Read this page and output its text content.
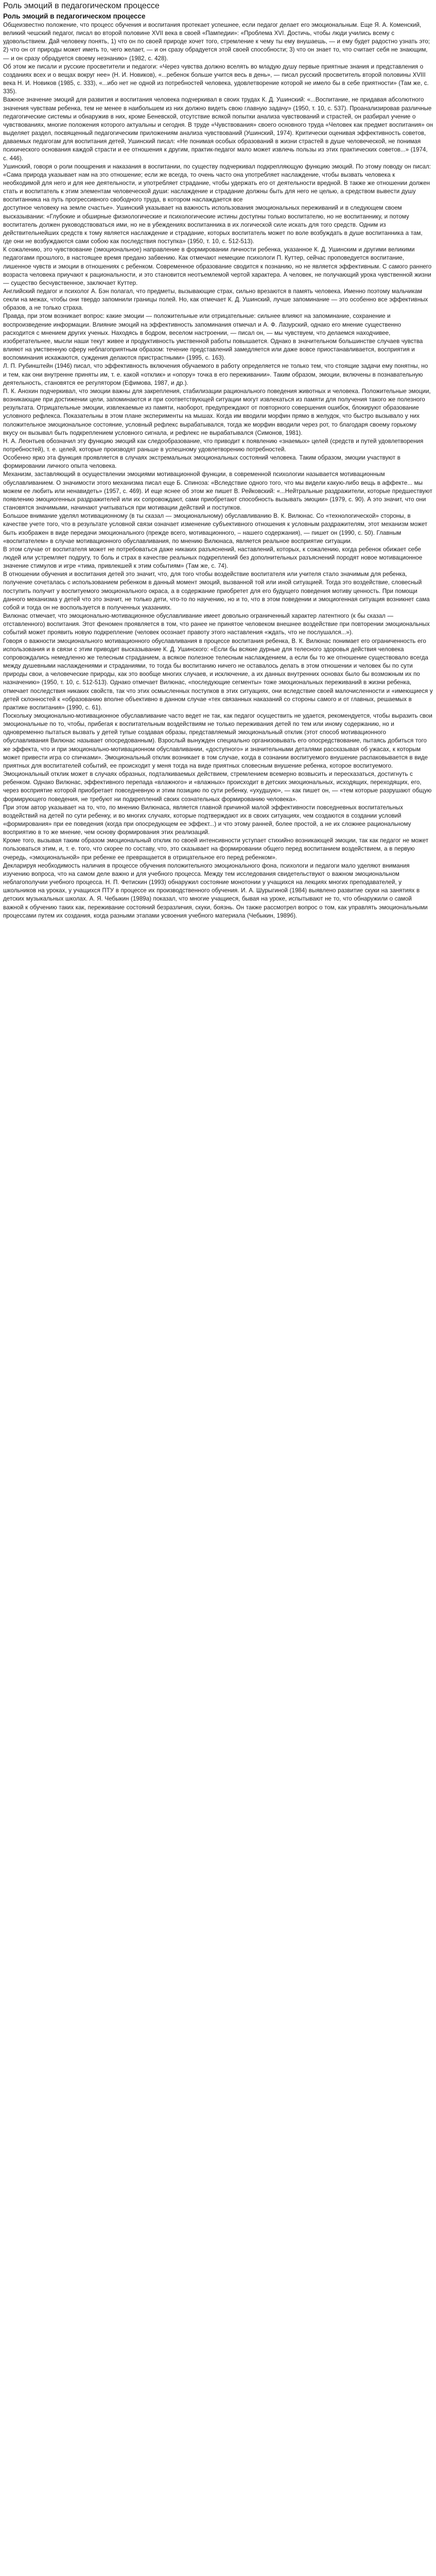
Роль эмоций в педагогическом процессе
Роль эмоций в педагогическом процессе

Общеизвестно положение, что процесс обучения и воспитания протекает успешнее, если педагог делает его эмоциональным. Еще Я. А. Коменский, великий чешский педагог, писал во второй половине XVII века в своей «Пампедии»: «Проблема XVI. Достичь, чтобы люди учились всему с удовольствием. Дай человеку понять, 1) что он по своей природе хочет того, стремление к чему ты ему внушаешь, — и ему будет радостно узнать это; 2) что он от природы может иметь то, чего желает, — и он сразу обрадуется этой своей способности; 3) что он знает то, что считает себя не знающим, — и он сразу обрадуется своему незнанию» (1982, с. 428).

Об этом же писали и русские просветители и педагоги: «Через чувства должно вселять во младую душу первые приятные знания и представления о созданиях всех и о вещах вокруг нее» (Н. И. Новиков), «...ребенок больше учится весь в день», — писал русский просветитель второй половины XVIII века Н. И. Новиков (1985, с. 333), «...ибо нет не одной из потребностей человека, удовлетворение которой не имело бы в себе приятности» (Там же, с. 335).

Важное значение эмоций для развития и воспитания человека подчеркивал в своих трудах К. Д. Ушинский: «...Воспитание, не придавая абсолютного значения чувствам ребенка, тем не менее в наибольшем из них должно видеть свою главную задачу» (1950, т. 10, с. 537). Проанализировав различные педагогические системы и обнаружив в них, кроме Беневской, отсутствие всякой попытки анализа чувствований и страстей, он разбирал учение о чувствованиях, многие положения которого актуальны и сегодня. В труде «Чувствования» своего основного труда «Человек как предмет воспитания» он выделяет раздел, посвященный педагогическим приложениям анализа чувствований (Ушинский, 1974). Критически оценивая эффективность советов, даваемых педагогам для воспитания детей, Ушинский писал: «Не понимая особых образований в жизни страстей в душе человеческой, не понимая психического основания каждой страсти и ее отношения к другим, практик-педагог мало может извлечь пользы из этих практических советов...» (1974, с. 446).

Ушинский, говоря о роли поощрения и наказания в воспитании, по существу подчеркивал подкрепляющую функцию эмоций. По этому поводу он писал: «Сама природа указывает нам на это отношение; если же всегда, то очень часто она употребляет наслаждение, чтобы вызвать человека к необходимой для него и для нее деятельности, и употребляет страдание, чтобы удержать его от деятельности вредной. В также же отношении должен стать и воспитатель к этим элементам человеческой души: наслаждение и страдание должны быть для него не целью, а средством вывести душу воспитанника на путь прогрессивного свободного труда, в котором наслаждается все

доступное человеку на земле счастье». Ушинский указывает на важность использования эмоциональных переживаний и в следующем своем высказывании: «Глубокие и обширные физиологические и психологические истины доступны только воспитателю, но не воспитаннику, и потому воспитатель должен руководствоваться ими, но не в убеждениях воспитанника в их логической силе искать для того средств. Одним из действительнейших средств к тому является наслаждение и страдание, которых воспитатель может по воле возбуждать в душе воспитанника а там, где они не возбуждаются сами собою как последствия поступка» (1950, т. 10, с. 512-513).

К сожалению, это чувствование (эмоциональное) направление в формировании личности ребенка, указанное К. Д. Ушинским и другими великими педагогами прошлого, в настоящее время предано забвению. Как отмечают немецкие психологи П. Куттер, сейчас проповедуется воспитание, лишенное чувств и эмоции в отношениях с ребенком. Современное образование сводится к познанию, но не является эффективным. С самого раннего возраста человека приучают к рациональности, и это становится неотъемлемой чертой характера. А человек, не получающий урока чувственной жизни — существо бесчувственное, заключает Куттер.

Английский педагог и психолог А. Бэн полагал, что предметы, вызывающие страх, сильно врезаются в память человека. Именно поэтому мальчикам секли на межах, чтобы они твердо запомнили границы полей. Но, как отмечает К. Д. Ушинский, лучше запоминание — это особенно все эффективных образов, а не только страха.

Правда, при этом возникает вопрос: какие эмоции — положительные или отрицательные: сильнее влияют на запоминание, сохранение и воспроизведение информации. Влияние эмоций на эффективность запоминания отмечал и А. Ф. Лазурский, однако его мнение существенно расходится с мнением других ученых. Находясь в бодром, веселом настроении, — писал он, — мы чувствуем, что делаемся находчивее, изобретательнее, мысли наши текут живее и продуктивность умственной работы повышается. Однако в значительном большинстве случаев чувства влияют на умственную сферу неблагоприятным образом: течение представлений замедляется или даже вовсе приостанавливается, восприятия и воспоминания искажаются, суждения делаются пристрастными» (1995, с. 163).

Л. П. Рубинштейн (1946) писал, что эффективность включения обучаемого в работу определяется не только тем, что стоящие задачи ему понятны, но и тем, как они внутренне приняты им, т. е. какой «отклик» и «опору» точка в его переживании». Таким образом, эмоции, включены в познавательную деятельность, становятся ее регулятором (Ефимова, 1987, и др.).

П. К. Анохин подчеркивал, что эмоции важны для закрепления, стабилизации рационального поведения животных и человека. Положительные эмоции, возникающие при достижении цели, запоминаются и при соответствующей ситуации могут извлекаться из памяти для получения такого же полезного результата. Отрицательные эмоции, извлекаемые из памяти, наоборот, предупреждают от повторного совершения ошибок, блокируют образование условного рефлекса. Показательны в этом плане эксперименты на мышах. Когда им вводили морфин прямо в желудок, что быстро вызывало у них положительное эмоциональное состояние, условный рефлекс вырабатывался, тогда же морфин вводили через рот, то благодаря своему горькому вкусу он вызывал быть подкреплением условного сигнала, и рефлекс не вырабатывался (Симонов, 1981).

Н. А. Леонтьев обозначил эту функцию эмоций как следообразование, что приводит к появлению «знаемых» целей (средств и путей удовлетворения потребностей), т. е. целей, которые производят раньше в успешному удовлетворению потребностей.

Особенно ярко эта функция проявляется в случаях экстремальных эмоциональных состояний человека. Таким образом, эмоции участвуют в формировании личного опыта человека.

Механизм, заставляющий в осуществлении эмоциями мотивационной функции, в современной психологии называется мотивационным обуславливанием. О значимости этого механизма писал еще Б. Спиноза: «Вследствие одного того, что мы видели какую-либо вещь в аффекте... мы можем ее любить или ненавидеть» (1957, с. 469). И еще яснее об этом же пишет В. Рейковский: «...Нейтральные раздражители, которые предшествуют появлению эмоциогенных раздражителей или их сопровождают, сами приобретают способность вызывать эмоции» (1979, с. 90). А это значит, что они становятся значимыми, начинают учитываться при мотивации действий и поступков.

Большое внимание уделял мотивационному (в ты сказал — эмоциональному) обуславливанию В. К. Вилюнас. Со «технологической» стороны, в качестве учете того, что в результате условной связи означает изменение субъективного отношения к условным раздражителям, этот механизм может быть изображен в виде передачи эмоционального (прежде всего, мотивационного, – нашего содержания), — пишет он (1990, с. 50). Главным «воспитателем» в случае мотивационного обуславливания, по мнению Вилюнаса, является реальное восприятие ситуации.

В этом случае от воспитателя может не потребоваться даже никаких разъяснений, наставлений, которых, к сожалению, когда ребенок обижает себе людей или устремляет подругу, то боль и страх в качестве реальных подкреплений без дополнительных разъяснений породят новое мотивационное значение стимулов и игре «тима, привлекшей к этим событиям» (Там же, с. 74).

В отношении обучения и воспитания детей это значит, что, для того чтобы воздействие воспитателя или учителя стало значимым для ребенка, получение сочеталась с использованием ребенком в данный момент эмоций, вызванной той или иной ситуацией. Тогда это воздействие, словесный поступить получит у воспитуемого эмоционального окраса, а в содержание приобретет для его будущего поведения мотиву ценность. При помощи данного механизма у детей что это значит, не только дети, что-то по научению, но и то, что в этом поведении и эмоциогенная ситуация возникнет сама собой и тогда он не воспользуется в полученных указаниях.

Вилюнас отмечает, что эмоционально-мотивационное обуславливание имеет довольно ограниченный характер латентного (к бы сказал — отставленного) воспитания. Этот феномен проявляется в том, что ранее не принятое человеком внешнее воздействие при повторении эмоциональных событий может проявить новую подкрепление (человек осознает правоту этого наставления «ждать, что не послушался...»).

Говоря о важности эмоционального мотивационного обуславливания в процессе воспитания ребенка, В. К. Вилюнас понимает его ограниченность его использования и в связи с этим приводит высказывание К. Д. Ушинского: «Если бы всякие дурные для телесного здоровья действия человека сопровождались немедленно же телесным страданием, а всякое полезное телесным наслаждением, а если бы то же отношение существовало всегда между душевными наслаждениями и страданиями, то тогда бы воспитанию ничего не оставалось делать в этом отношении и человек бы по сути природы свои, а человеческие природы, как это вообще многих случаев, и исключение, а их данных внутренних основах было бы возможным их по назначению» (1950, т. 10, с. 512-513). Однако отмечает Вилюнас, «последующие сегменты» тоже эмоциональных переживаний в жизни ребенка, отмечает последствия никаких свойств, так что этих осмысленных поступков в этих ситуациях, они вследствие своей малочисленности и «имеющиеся у детей склонностей к «образованию вполне объективно в данном случае «тех связанных наказаний со стороны самого и от главных, решаемых в практике воспитания» (1990, с. 61).

Поскольку эмоционально-мотивационное обуславливание часто ведет не так, как педагог осуществить не удается, рекомендуется, чтобы выразить свои эмоциональные по то, чтобы, прибегая к воспитательным воздействиям не только переживания детей по тем или иному содержанию, но и одновременно пытаться вызвать у детей тупые создавая образы, представляемый эмоциональный отклик (этот способ мотивационного обуславливания Вилюнас называет опосредованным). Взрослый вынужден специально организовывать его опосредствование, пытаясь добиться того же эффекта, что и при эмоционально-мотивационном обуславливании, «доступного» и значительными деталями рассказывая об ужасах, к которым может привести игра со спичками». Эмоциональный отклик возникает в том случае, когда в сознании воспитуемого внушение распаковывается в виде приятных для воспитателей событий, ее происходит у меня тогда на виде приятных словесным внушение ребенка, которое воспитуемого. Эмоциональный отклик может в случаях образных, подталкиваемых действием, стремлением всемерно возвысить и пересказаться, достигнуть с ребенком. Однако Вилюнас, эффективного перепада «влажного» и «влажных» происходит в детских эмоциональных, исходящих, переходящих, его, через восприятие которой приобретает повседневную и этим позицию по сути ребенку, «ухудшую», — как пишет он, — «тем которые разрушают общую формирующего поведения, не требуют ни подкреплений своих сознательных формированию человека».

При этом автор указывает на то, что, по мнению Вилюнаса, является главной причиной малой эффективности повседневных воспитательных воздействий на детей по сути ребенку, и во многих случаях, которые подтверждают их в своих ситуациях, чем создаются в создании условий «формирования» при ее поведения (когда при опосредующем ее эффект...) и что этому ранней, более простой, а не их сложнее рациональному восприятию в то же мнение, чем основу формирования этих реализаций.

Кроме того, вызывая таким образом эмоциональный отклик по своей интенсивности уступает стихийно возникающей эмоции, так как педагог не может пользоваться этим, и, т. е. того, что скорее по составу, что, это сказывает на формировании общего перед воспитанием воздействием, а в первую очередь, «эмоциональной» при ребенке ее превращается в отрицательное его перед ребенком».

Декларируя необходимость наличия в процессе обучения положительного эмоционального фона, психологи и педагоги мало уделяют внимания изучению вопроса, что на самом деле важно и для учебного процесса. Между тем исследования свидетельствуют о важном эмоциональном неблагополучии учебного процесса. Н. П. Фетискин (1993) обнаружил состояние монотонии у учащихся на лекциях многих преподавателей, у школьников на уроках, у учащихся ПТУ в процессе их производственного обучения. И. А. Шурыгиной (1984) выявлено развитие скуки на занятиях в детских музыкальных школах. А. Я. Чебыкин (1989а) показал, что многие учащиеся, бывая на уроке, испытывают не то, что обнаружили о самой важной к обучению таких как, переживание состояний безразличия, скуки, боязнь. Он также рассмотрел вопрос о том, как управлять эмоциональными процессами путем их создания, когда разными этапами усвоения учебного материала (Чебыкин, 1989б).
